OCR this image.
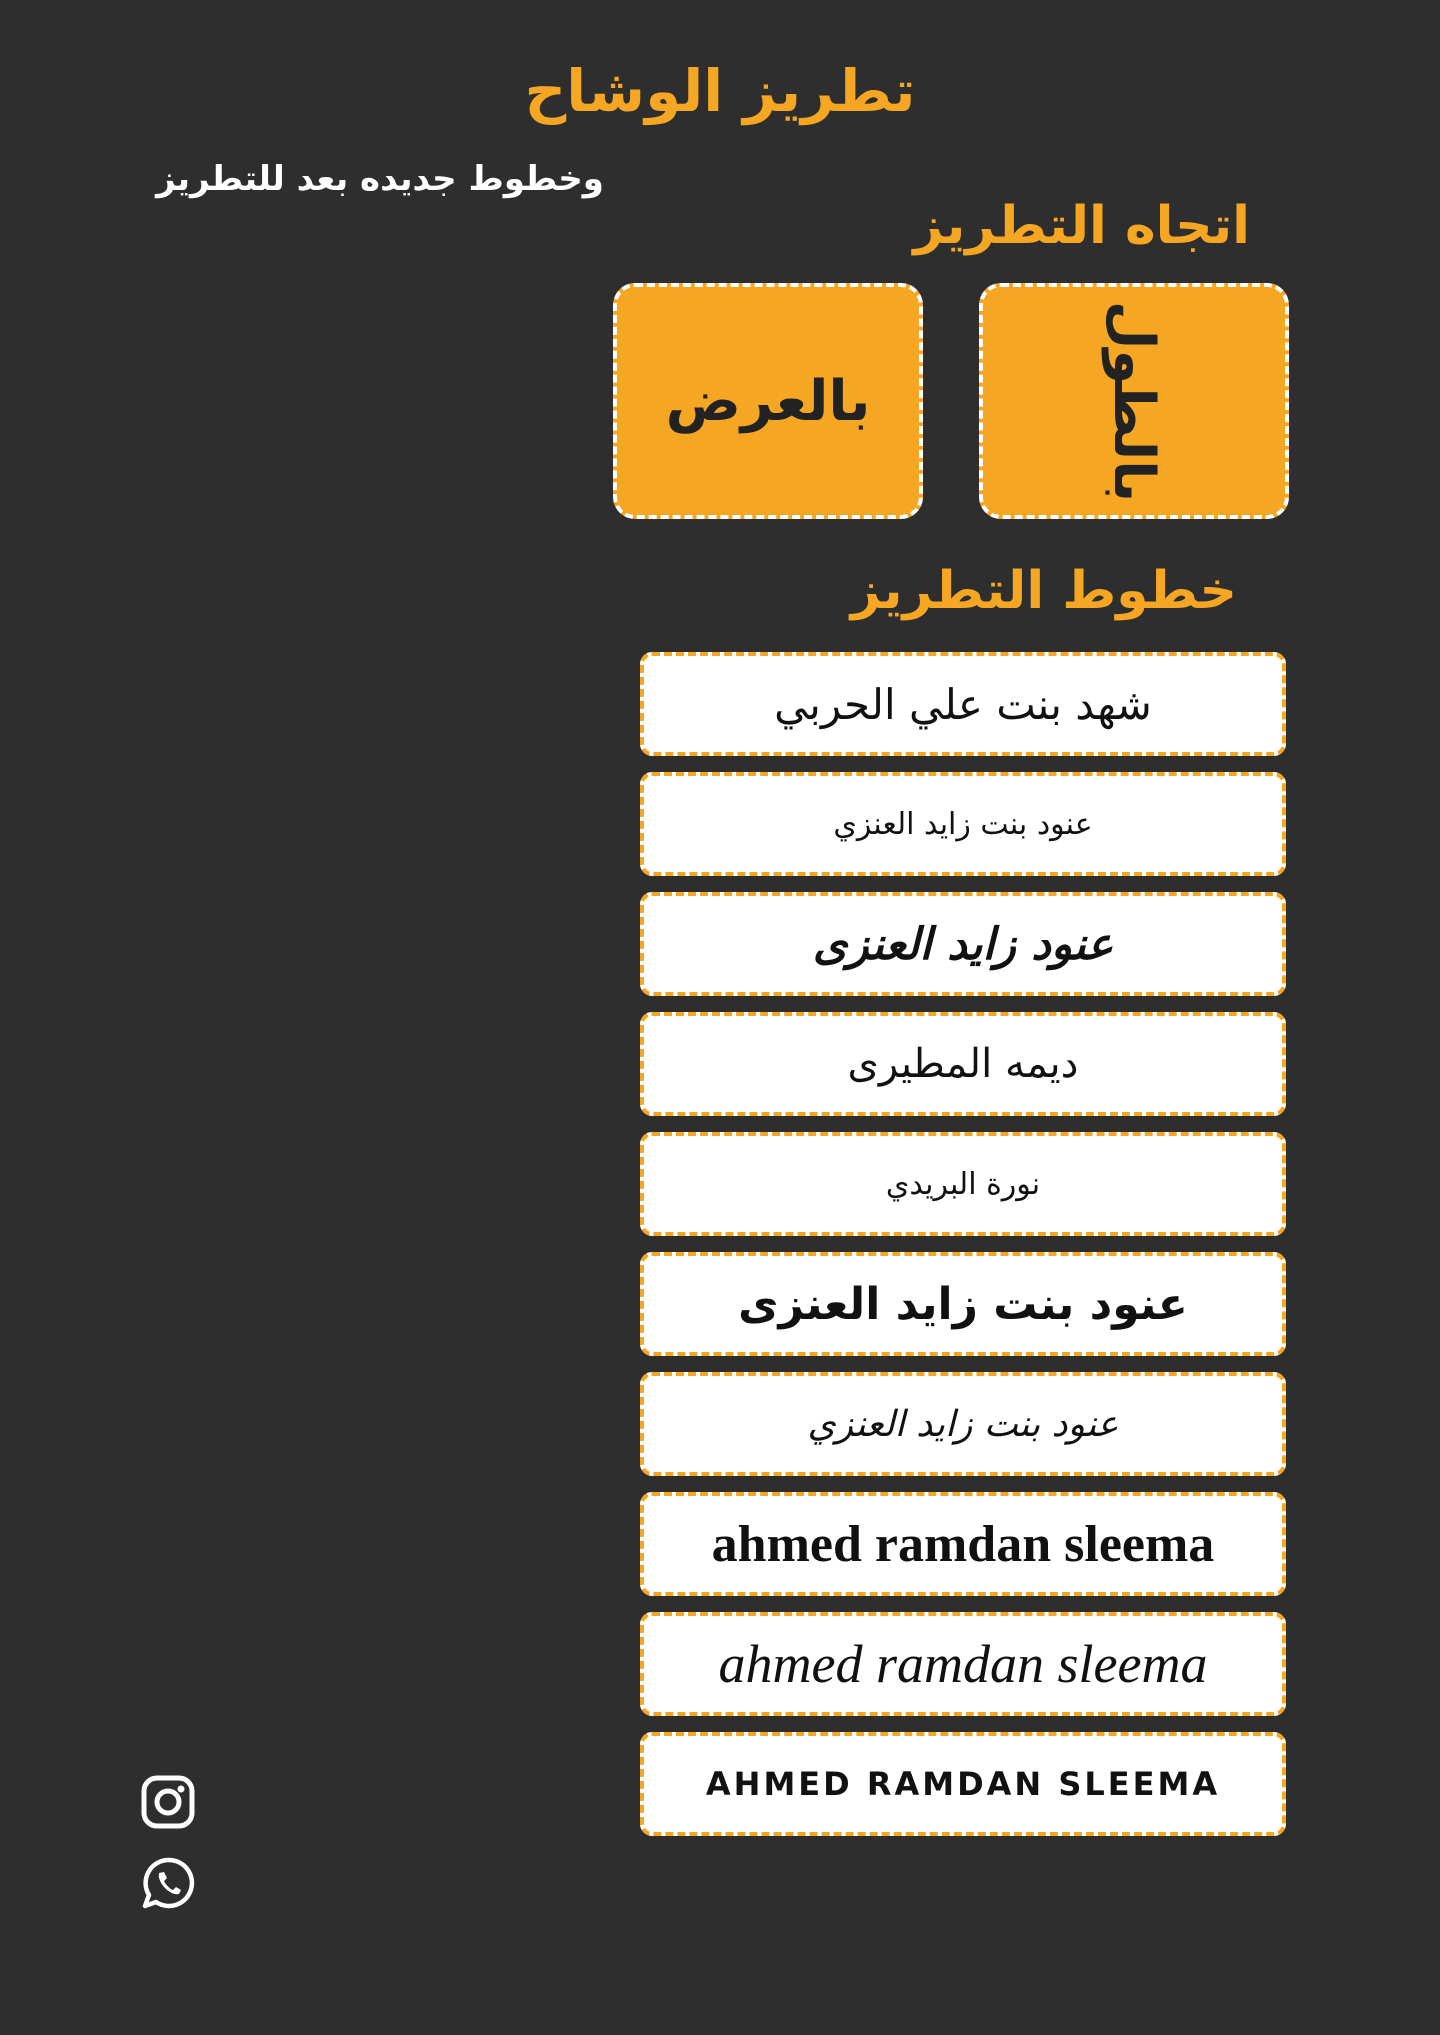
تطريز الوشاح
وخطوط جديده بعد للتطريز
اتجاه التطريز
بالعرض	بالطول
خطوط التطريز
شهد بنت علي الحربي
عنود بنت زايد العنزي
عنود زايد العنزى
ديمه المطيرى
نورة البريدي
عنود بنت زايد العنزى
عنود بنت زايد العنزي
ahmed ramdan sleema
ahmed ramdan sleema
AHMED RAMDAN SLEEMA
